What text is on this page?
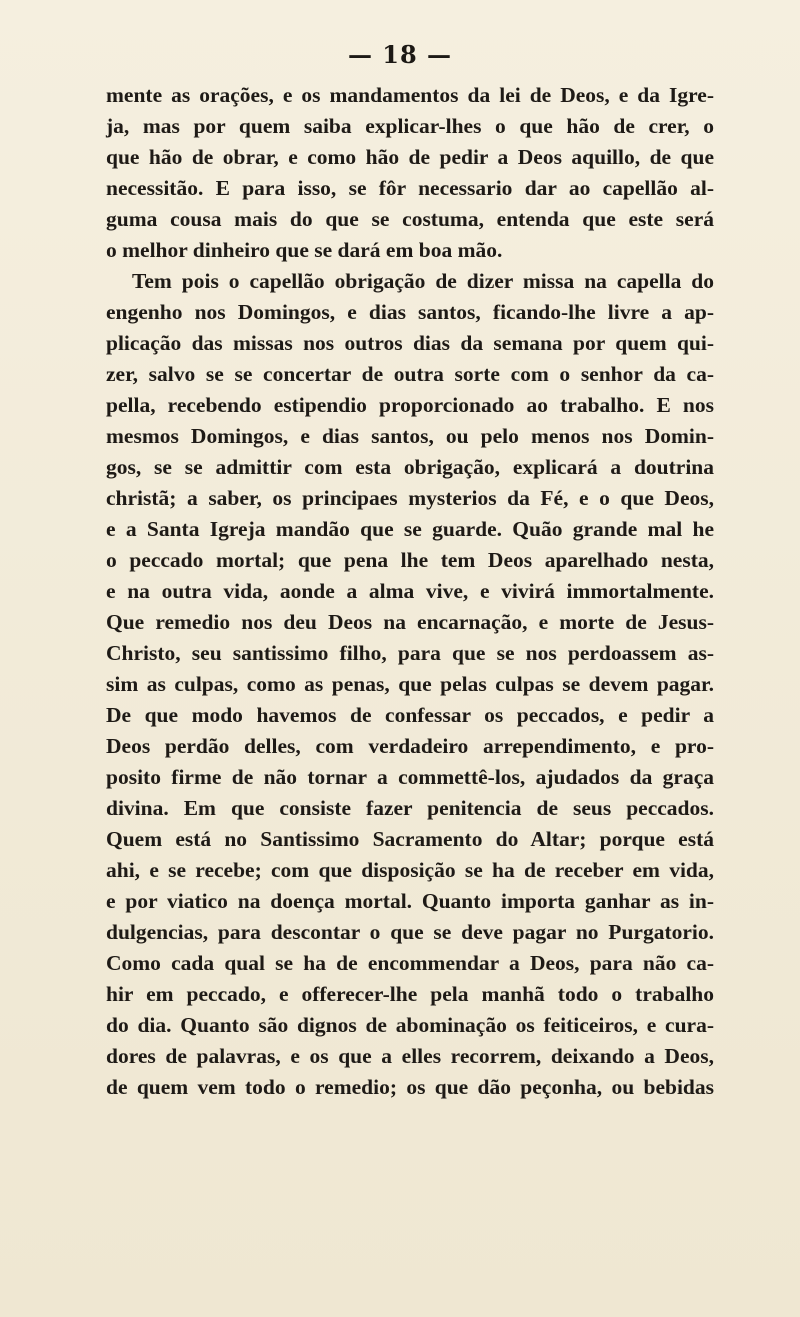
— 18 —
mente as orações, e os mandamentos da lei de Deos, e da Igre-
ja, mas por quem saiba explicar-lhes o que hão de crer, o
que hão de obrar, e como hão de pedir a Deos aquillo, de que
necessitão. E para isso, se fôr necessario dar ao capellão al-
guma cousa mais do que se costuma, entenda que este será
o melhor dinheiro que se dará em boa mão.
Tem pois o capellão obrigação de dizer missa na capella do
engenho nos Domingos, e dias santos, ficando-lhe livre a ap-
plicação das missas nos outros dias da semana por quem qui-
zer, salvo se se concertar de outra sorte com o senhor da ca-
pella, recebendo estipendio proporcionado ao trabalho. E nos
mesmos Domingos, e dias santos, ou pelo menos nos Domin-
gos, se se admittir com esta obrigação, explicará a doutrina
christã; a saber, os principaes mysterios da Fé, e o que Deos,
e a Santa Igreja mandão que se guarde. Quão grande mal he
o peccado mortal; que pena lhe tem Deos aparelhado nesta,
e na outra vida, aonde a alma vive, e vivirá immortalmente.
Que remedio nos deu Deos na encarnação, e morte de Jesus-
Christo, seu santissimo filho, para que se nos perdoassem as-
sim as culpas, como as penas, que pelas culpas se devem pagar.
De que modo havemos de confessar os peccados, e pedir a
Deos perdão delles, com verdadeiro arrependimento, e pro-
posito firme de não tornar a commettê-los, ajudados da graça
divina. Em que consiste fazer penitencia de seus peccados.
Quem está no Santissimo Sacramento do Altar; porque está
ahi, e se recebe; com que disposição se ha de receber em vida,
e por viatico na doença mortal. Quanto importa ganhar as in-
dulgencias, para descontar o que se deve pagar no Purgatorio.
Como cada qual se ha de encommendar a Deos, para não ca-
hir em peccado, e offerecer-lhe pela manhã todo o trabalho
do dia. Quanto são dignos de abominação os feiticeiros, e cura-
dores de palavras, e os que a elles recorrem, deixando a Deos,
de quem vem todo o remedio; os que dão peçonha, ou bebidas
